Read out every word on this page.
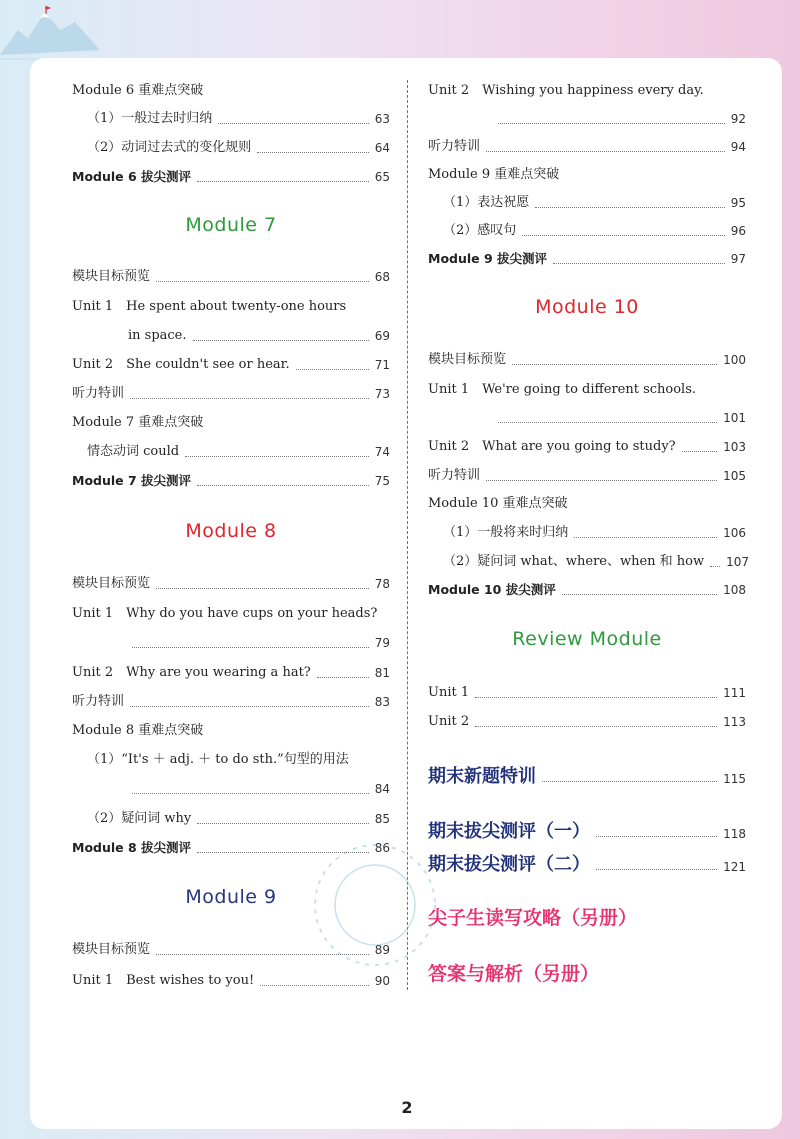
Module 6 重难点突破
（1）一般过去时归纳	63
（2）动词过去式的变化规则	64
Module 6 拔尖测评	65
Module 7
模块目标预览	68
Unit 1　He spent about twenty-one hours
in space.	69
Unit 2　She couldn't see or hear.	71
听力特训	73
Module 7 重难点突破
情态动词 could	74
Module 7 拔尖测评	75
Module 8
模块目标预览	78
Unit 1　Why do you have cups on your heads?
79
Unit 2　Why are you wearing a hat?	81
听力特训	83
Module 8 重难点突破
（1）“It's ＋ adj. ＋ to do sth.”句型的用法
84
（2）疑问词 why	85
Module 8 拔尖测评	86
Module 9
模块目标预览	89
Unit 1　Best wishes to you!	90
Unit 2　Wishing you happiness every day.
92
听力特训	94
Module 9 重难点突破
（1）表达祝愿	95
（2）感叹句	96
Module 9 拔尖测评	97
Module 10
模块目标预览	100
Unit 1　We're going to different schools.
101
Unit 2　What are you going to study?	103
听力特训	105
Module 10 重难点突破
（1）一般将来时归纳	106
（2）疑问词 what、where、when 和 how 107
Module 10 拔尖测评	108
Review Module
Unit 1	111
Unit 2	113
期末新题特训	115
期末拔尖测评（一）	118
期末拔尖测评（二）	121
尖子生读写攻略（另册）
答案与解析（另册）
2
